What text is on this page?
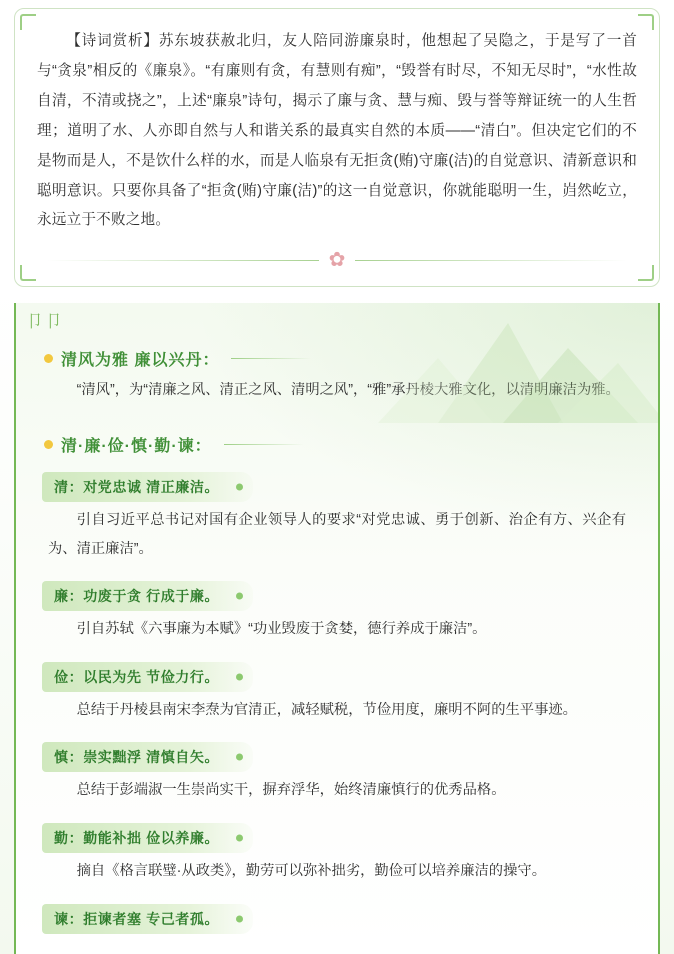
【诗词赏析】苏东坡获赦北归，友人陪同游廉泉时，他想起了吴隐之，于是写了一首与“贪泉”相反的《廉泉》。“有廉则有贪，有慧则有痴”，“毁誉有时尽，不知无尽时”，“水性故自清，不清或挠之”，上述“廉泉”诗句，揭示了廉与贪、慧与痴、毁与誉等辩证统一的人生哲理；道明了水、人亦即自然与人和谐关系的最真实自然的本质——“清白”。但决定它们的不是物而是人，不是饮什么样的水，而是人临泉有无拒贪(贿)守廉(洁)的自觉意识、清新意识和聪明意识。只要你具备了“拒贪(贿)守廉(洁)”的这一自觉意识，你就能聪明一生，岿然屹立，永远立于不败之地。
✿
卩卩
清风为雅 廉以兴丹：
“清风”，为“清廉之风、清正之风、清明之风”，“雅”承丹棱大雅文化，以清明廉洁为雅。
清·廉·俭·慎·勤·谏：
清：对党忠诚 清正廉洁。
引自习近平总书记对国有企业领导人的要求“对党忠诚、勇于创新、治企有方、兴企有为、清正廉洁”。
廉：功废于贪 行成于廉。
引自苏轼《六事廉为本赋》“功业毁废于贪婪，德行养成于廉洁”。
俭：以民为先 节俭力行。
总结于丹棱县南宋李焘为官清正，减轻赋税，节俭用度，廉明不阿的生平事迹。
慎：崇实黜浮 清慎自矢。
总结于彭端淑一生崇尚实干，摒弃浮华，始终清廉慎行的优秀品格。
勤：勤能补拙 俭以养廉。
摘自《格言联璧·从政类》，勤劳可以弥补拙劣，勤俭可以培养廉洁的操守。
谏：拒谏者塞 专己者孤。
